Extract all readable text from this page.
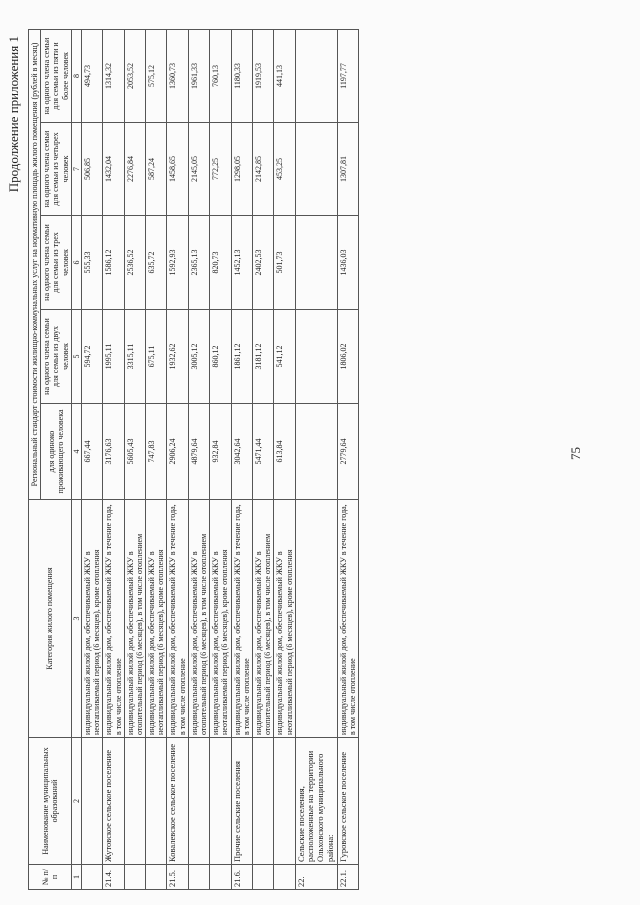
75
Продолжение приложения 1
№ п/п	Наименование муниципальных образований	Категория жилого помещения	Региональный стандарт стоимости жилищно-коммунальных услуг на нормативную площадь жилого помещения (рублей в месяц)				
			для одиноко проживающего человека	на одного члена семьи для семьи из двух человек	на одного члена семьи для семьи из трех человек	на одного члена семьи для семьи из четырех человек	на одного члена семьи для семьи из пяти и более человек
1	2	3	4	5	6	7	8
		индивидуальный жилой дом, обеспечиваемый ЖКУ в неотапливаемый период (6 месяцев), кроме отопления	667,44	594,72	555,33	506,85	494,73
21.4.	Жутовское сельское поселение	индивидуальный жилой дом, обеспечиваемый ЖКУ в течение года, в том числе отопление	3176,63	1995,11	1586,12	1432,04	1314,32
		индивидуальный жилой дом, обеспечиваемый ЖКУ в отопительный период (6 месяцев), в том числе отоплением	5605,43	3315,11	2536,52	2276,84	2053,52
		индивидуальный жилой дом, обеспечиваемый ЖКУ в неотапливаемый период (6 месяцев), кроме отопления	747,83	675,11	635,72	587,24	575,12
21.5.	Ковалевское сельское поселение	индивидуальный жилой дом, обеспечиваемый ЖКУ в течение года, в том числе отопление	2906,24	1932,62	1592,93	1458,65	1360,73
		индивидуальный жилой дом, обеспечиваемый ЖКУ в отопительный период (6 месяцев), в том числе отоплением	4879,64	3005,12	2365,13	2145,05	1961,33
		индивидуальный жилой дом, обеспечиваемый ЖКУ в неотапливаемый период (6 месяцев), кроме отопления	932,84	860,12	820,73	772,25	760,13
21.6.	Прочие сельские поселения	индивидуальный жилой дом, обеспечиваемый ЖКУ в течение года, в том числе отопление	3042,64	1861,12	1452,13	1298,05	1180,33
		индивидуальный жилой дом, обеспечиваемый ЖКУ в отопительный период (6 месяцев), в том числе отоплением	5471,44	3181,12	2402,53	2142,85	1919,53
		индивидуальный жилой дом, обеспечиваемый ЖКУ в неотапливаемый период (6 месяцев), кроме отопления	613,84	541,12	501,73	453,25	441,13
22.	Сельские поселения, расположенные на территории Ольховского муниципального района:						
22.1.	Гуровское сельское поселение	индивидуальный жилой дом, обеспечиваемый ЖКУ в течение года, в том числе отопление	2779,64	1806,02	1436,03	1307,81	1197,77
